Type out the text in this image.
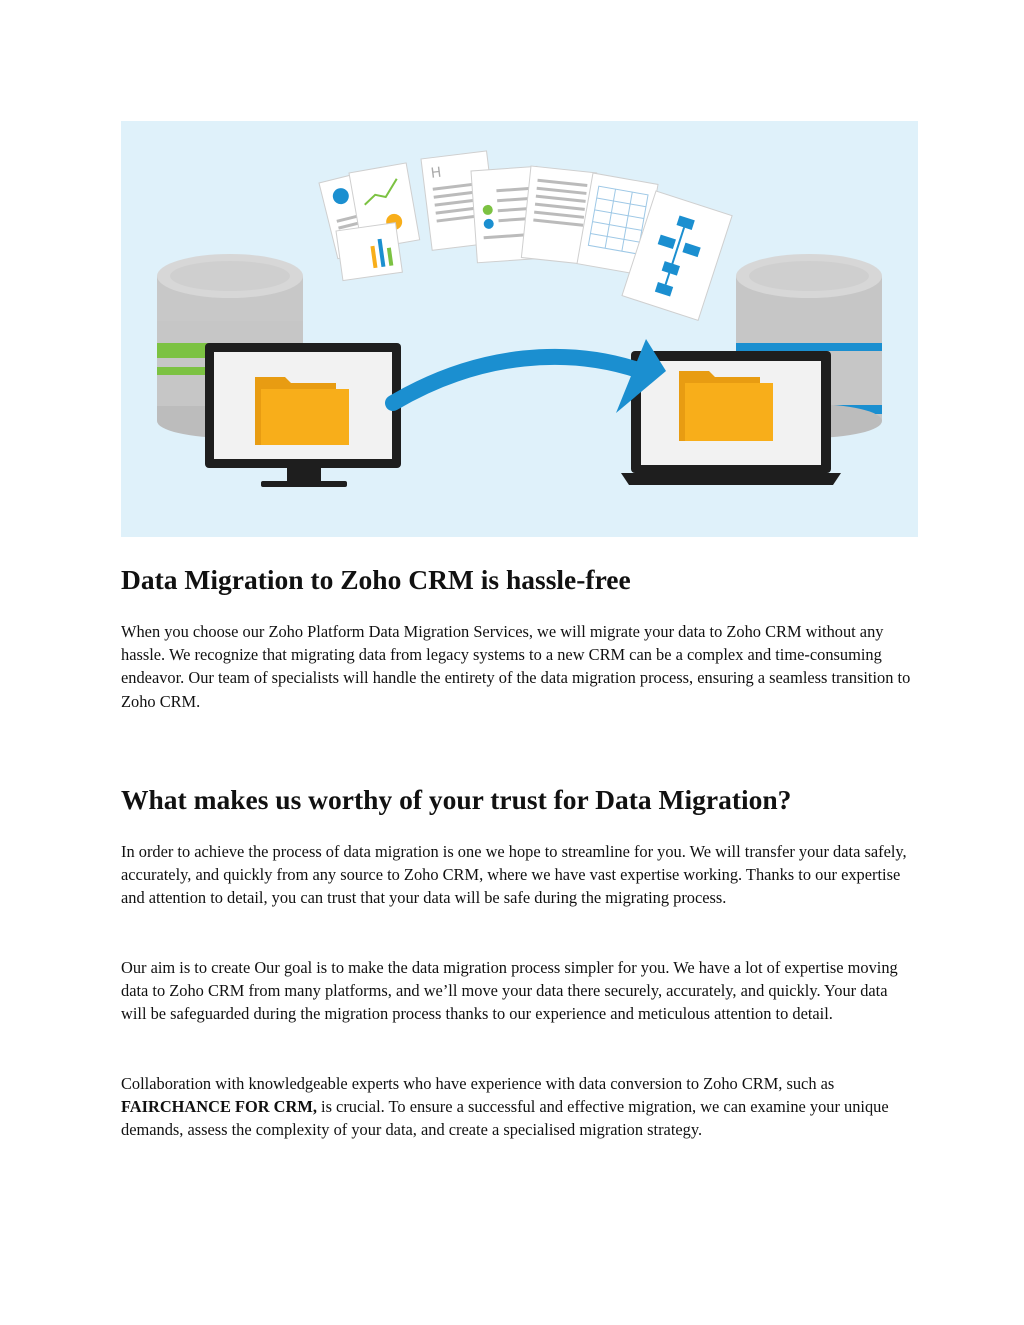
H
Data Migration to Zoho CRM is hassle-free

When you choose our Zoho Platform Data Migration Services, we will migrate your data to Zoho CRM without any hassle. We recognize that migrating data from legacy systems to a new CRM can be a complex and time-consuming endeavor. Our team of specialists will handle the entirety of the data migration process, ensuring a seamless transition to Zoho CRM.

What makes us worthy of your trust for Data Migration?

In order to achieve the process of data migration is one we hope to streamline for you. We will transfer your data safely, accurately, and quickly from any source to Zoho CRM, where we have vast expertise working. Thanks to our expertise and attention to detail, you can trust that your data will be safe during the migrating process.

Our aim is to create Our goal is to make the data migration process simpler for you. We have a lot of expertise moving data to Zoho CRM from many platforms, and we’ll move your data there securely, accurately, and quickly. Your data will be safeguarded during the migration process thanks to our experience and meticulous attention to detail.

Collaboration with knowledgeable experts who have experience with data conversion to Zoho CRM, such as FAIRCHANCE FOR CRM, is crucial. To ensure a successful and effective migration, we can examine your unique demands, assess the complexity of your data, and create a specialised migration strategy.
